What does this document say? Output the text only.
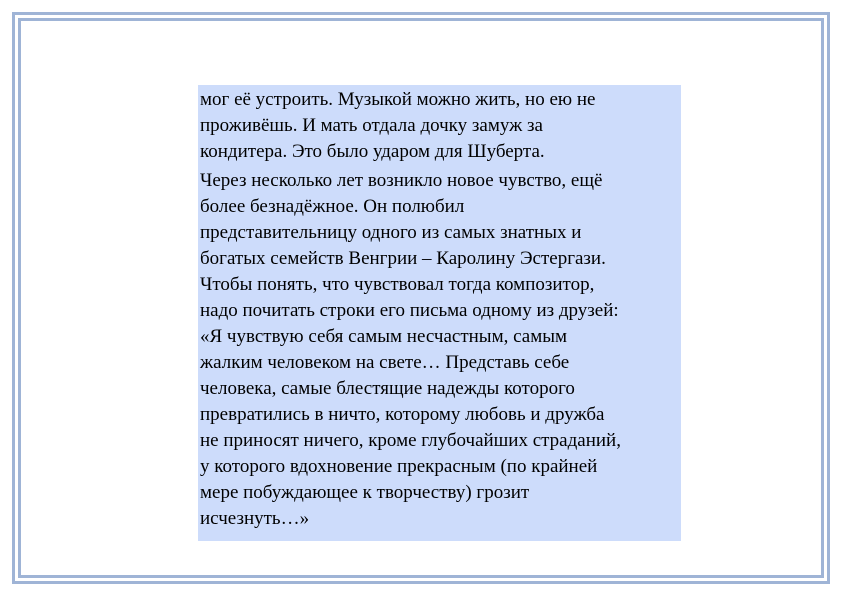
мог её устроить. Музыкой можно жить, но ею не
проживёшь. И мать отдала дочку замуж за
кондитера. Это было ударом для Шуберта.

Через несколько лет возникло новое чувство, ещё
более безнадёжное. Он полюбил
представительницу одного из самых знатных и
богатых семейств Венгрии – Каролину Эстергази.
Чтобы понять, что чувствовал тогда композитор,
надо почитать строки его письма одному из друзей:
«Я чувствую себя самым несчастным, самым
жалким человеком на свете… Представь себе
человека, самые блестящие надежды которого
превратились в ничто, которому любовь и дружба
не приносят ничего, кроме глубочайших страданий,
у которого вдохновение прекрасным (по крайней
мере побуждающее к творчеству) грозит
исчезнуть…»
